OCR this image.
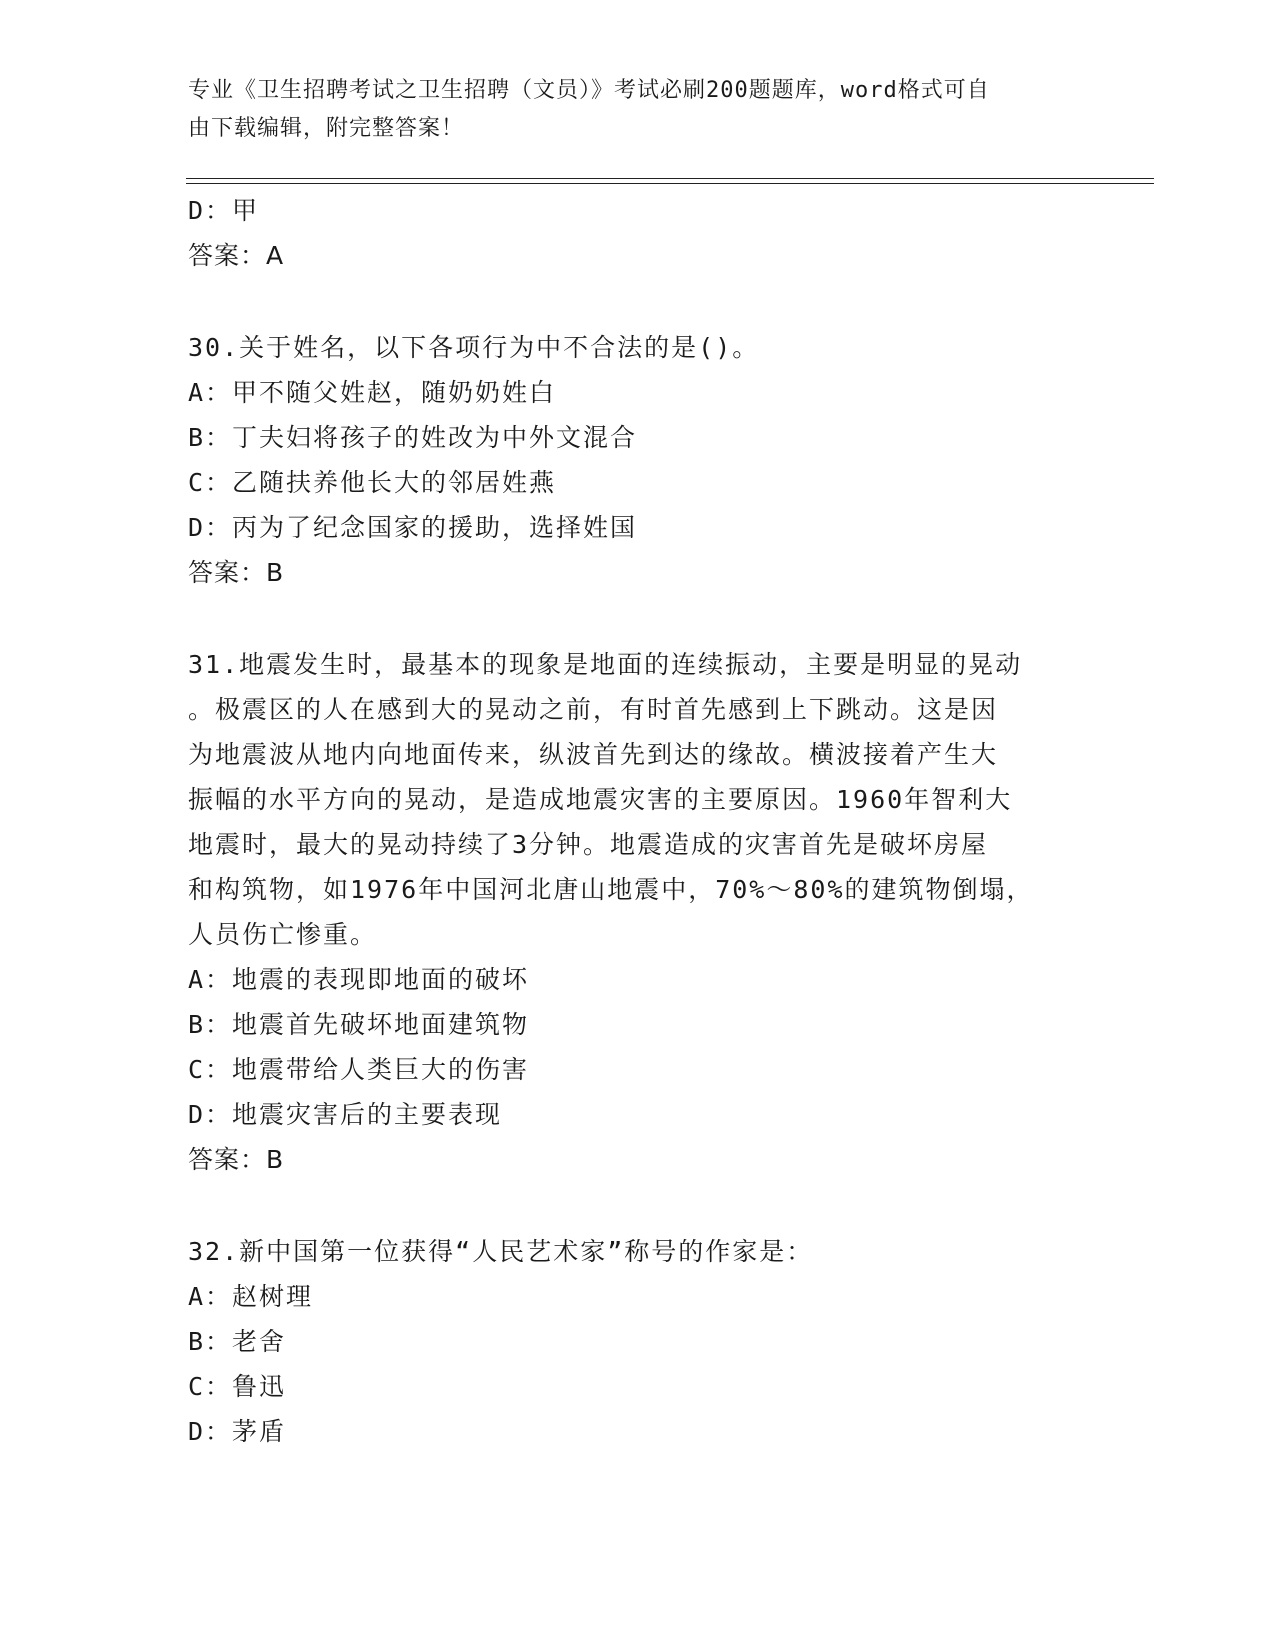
专业《卫生招聘考试之卫生招聘（文员）》考试必刷200题题库，word格式可自
由下载编辑，附完整答案！
D：甲
答案：A
30.关于姓名，以下各项行为中不合法的是()。
A：甲不随父姓赵，随奶奶姓白
B：丁夫妇将孩子的姓改为中外文混合
C：乙随扶养他长大的邻居姓燕
D：丙为了纪念国家的援助，选择姓国
答案：B
31.地震发生时，最基本的现象是地面的连续振动，主要是明显的晃动
。极震区的人在感到大的晃动之前，有时首先感到上下跳动。这是因
为地震波从地内向地面传来，纵波首先到达的缘故。横波接着产生大
振幅的水平方向的晃动，是造成地震灾害的主要原因。1960年智利大
地震时，最大的晃动持续了3分钟。地震造成的灾害首先是破坏房屋
和构筑物，如1976年中国河北唐山地震中，70%～80%的建筑物倒塌，
人员伤亡惨重。
A：地震的表现即地面的破坏
B：地震首先破坏地面建筑物
C：地震带给人类巨大的伤害
D：地震灾害后的主要表现
答案：B
32.新中国第一位获得“人民艺术家”称号的作家是：
A：赵树理
B：老舍
C：鲁迅
D：茅盾
